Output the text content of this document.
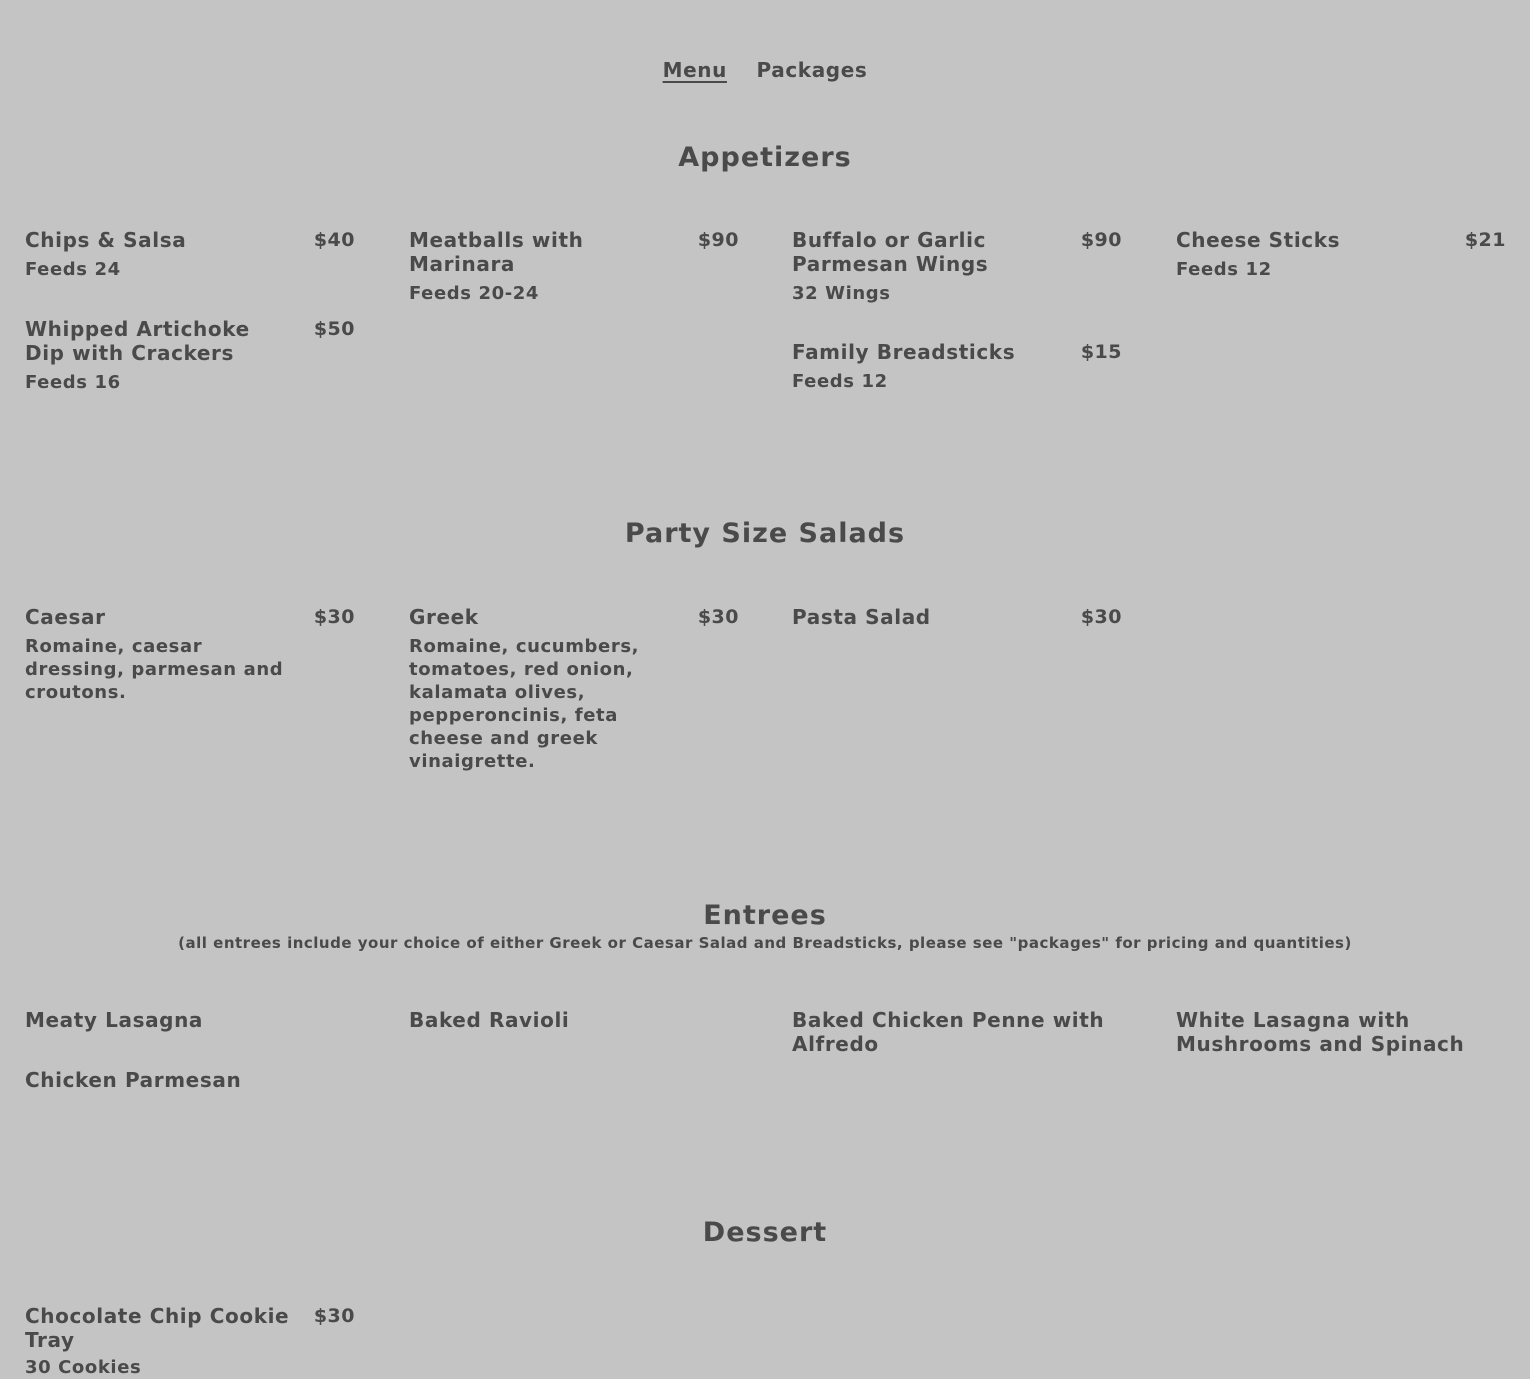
Menu Packages
Appetizers
Chips & Salsa	$40
Feeds 24
Meatballs with Marinara
$90
Feeds 20-24
Buffalo or Garlic Parmesan Wings
$90
32 Wings
Cheese Sticks	$21
Feeds 12
Whipped Artichoke Dip with Crackers
$50
Feeds 16
Family Breadsticks	$15
Feeds 12
Party Size Salads
Caesar	$30
Romaine, caesar dressing, parmesan and croutons.
Greek	$30
Romaine, cucumbers, tomatoes, red onion, kalamata olives, pepperoncinis, feta cheese and greek vinaigrette.
Pasta Salad	$30
Entrees
(all entrees include your choice of either Greek or Caesar Salad and Breadsticks, please see "packages" for pricing and quantities)
Meaty Lasagna	Baked Ravioli	Baked Chicken Penne with Alfredo
White Lasagna with Mushrooms and Spinach
Chicken Parmesan
Dessert
Chocolate Chip Cookie Tray
$30
30 Cookies
